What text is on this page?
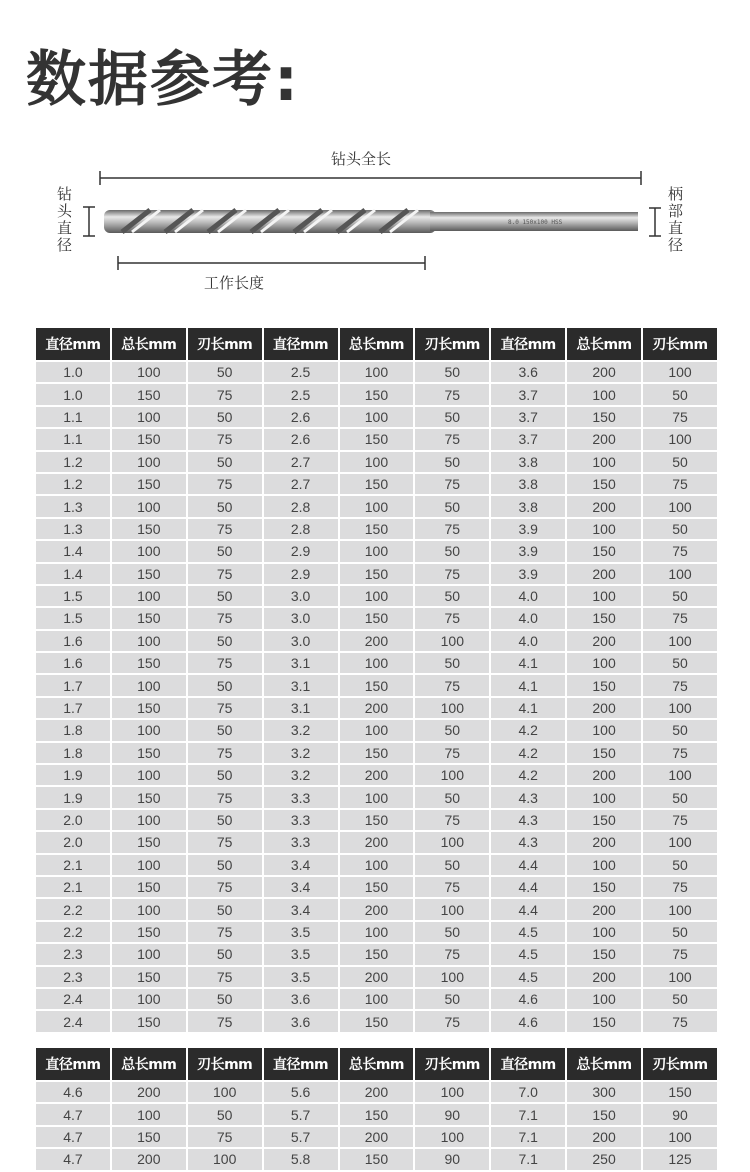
数据参考:
8.0 150x100 HSS
钻头全长
钻头直径
柄部直径
工作长度
直径mm	总长mm	刃长mm	直径mm	总长mm	刃长mm	直径mm	总长mm	刃长mm
1.0	100	50	2.5	100	50	3.6	200	100
1.0	150	75	2.5	150	75	3.7	100	50
1.1	100	50	2.6	100	50	3.7	150	75
1.1	150	75	2.6	150	75	3.7	200	100
1.2	100	50	2.7	100	50	3.8	100	50
1.2	150	75	2.7	150	75	3.8	150	75
1.3	100	50	2.8	100	50	3.8	200	100
1.3	150	75	2.8	150	75	3.9	100	50
1.4	100	50	2.9	100	50	3.9	150	75
1.4	150	75	2.9	150	75	3.9	200	100
1.5	100	50	3.0	100	50	4.0	100	50
1.5	150	75	3.0	150	75	4.0	150	75
1.6	100	50	3.0	200	100	4.0	200	100
1.6	150	75	3.1	100	50	4.1	100	50
1.7	100	50	3.1	150	75	4.1	150	75
1.7	150	75	3.1	200	100	4.1	200	100
1.8	100	50	3.2	100	50	4.2	100	50
1.8	150	75	3.2	150	75	4.2	150	75
1.9	100	50	3.2	200	100	4.2	200	100
1.9	150	75	3.3	100	50	4.3	100	50
2.0	100	50	3.3	150	75	4.3	150	75
2.0	150	75	3.3	200	100	4.3	200	100
2.1	100	50	3.4	100	50	4.4	100	50
2.1	150	75	3.4	150	75	4.4	150	75
2.2	100	50	3.4	200	100	4.4	200	100
2.2	150	75	3.5	100	50	4.5	100	50
2.3	100	50	3.5	150	75	4.5	150	75
2.3	150	75	3.5	200	100	4.5	200	100
2.4	100	50	3.6	100	50	4.6	100	50
2.4	150	75	3.6	150	75	4.6	150	75
直径mm	总长mm	刃长mm	直径mm	总长mm	刃长mm	直径mm	总长mm	刃长mm
4.6	200	100	5.6	200	100	7.0	300	150
4.7	100	50	5.7	150	90	7.1	150	90
4.7	150	75	5.7	200	100	7.1	200	100
4.7	200	100	5.8	150	90	7.1	250	125
